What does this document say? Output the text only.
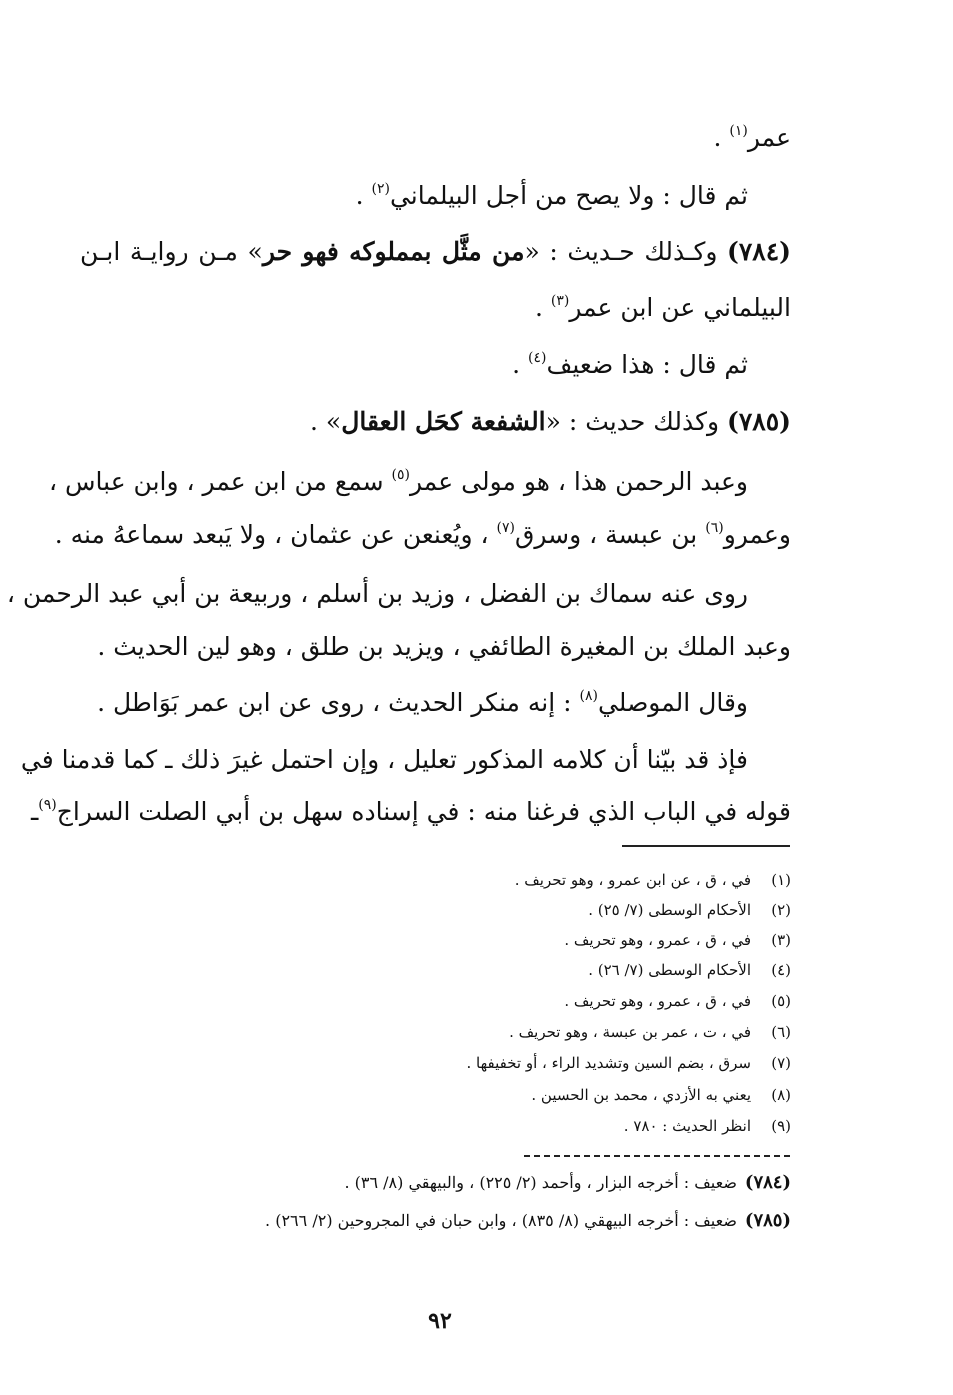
عمر$^{(١)}$ .
ثم قال : ولا يصح من أجل البيلماني$^{(٢)}$ .
(٧٨٤) وكـذلك حـديث : «من مثَّل بمملوكه فهو حر» مـن روايـة ابـن
البيلماني عن ابن عمر$^{(٣)}$ .
ثم قال : هذا ضعيف$^{(٤)}$ .
(٧٨٥) وكذلك حديث : «الشفعة كحَل العقال» .
وعبد الرحمن هذا ، هو مولى عمر$^{(٥)}$ سمع من ابن عمر ، وابن عباس ،
وعمرو$^{(٦)}$ بن عبسة ، وسرق$^{(٧)}$ ، ويُعنعن عن عثمان ، ولا يَبعد سماعهُ منه .
روى عنه سماك بن الفضل ، وزيد بن أسلم ، وربيعة بن أبي عبد الرحمن ،
وعبد الملك بن المغيرة الطائفي ، ويزيد بن طلق ، وهو لين الحديث .
وقال الموصلي$^{(٨)}$ : إنه منكر الحديث ، روى عن ابن عمر بَوَاطل .
فإذ قد بيّنا أن كلامه المذكور تعليل ، وإن احتمل غيرَ ذلك ـ كما قدمنا في
قوله في الباب الذي فرغنا منه : في إسناده سهل بن أبي الصلت السراج$^{(٩)}$ـ
(١)في ، ق ، عن ابن عمرو ، وهو تحريف .
(٢)الأحكام الوسطى (٧/ ٢٥) .
(٣)في ، ق ، عمرو ، وهو تحريف .
(٤)الأحكام الوسطى (٧/ ٢٦) .
(٥)في ، ق ، عمرو ، وهو تحريف .
(٦)في ، ت ، عمر بن عبسة ، وهو تحريف .
(٧)سرق ، بضم السين وتشديد الراء ، أو تخفيفها .
(٨)يعني به الأزدي ، محمد بن الحسين .
(٩)انظر الحديث : ٧٨٠ .
(٧٨٤)ضعيف : أخرجه البزار ، وأحمد (٢/ ٢٢٥) ، والبيهقي (٨/ ٣٦) .
(٧٨٥)ضعيف : أخرجه البيهقي (٨/ ٨٣٥) ، وابن حبان في المجروحين (٢/ ٢٦٦) .
٩٢
